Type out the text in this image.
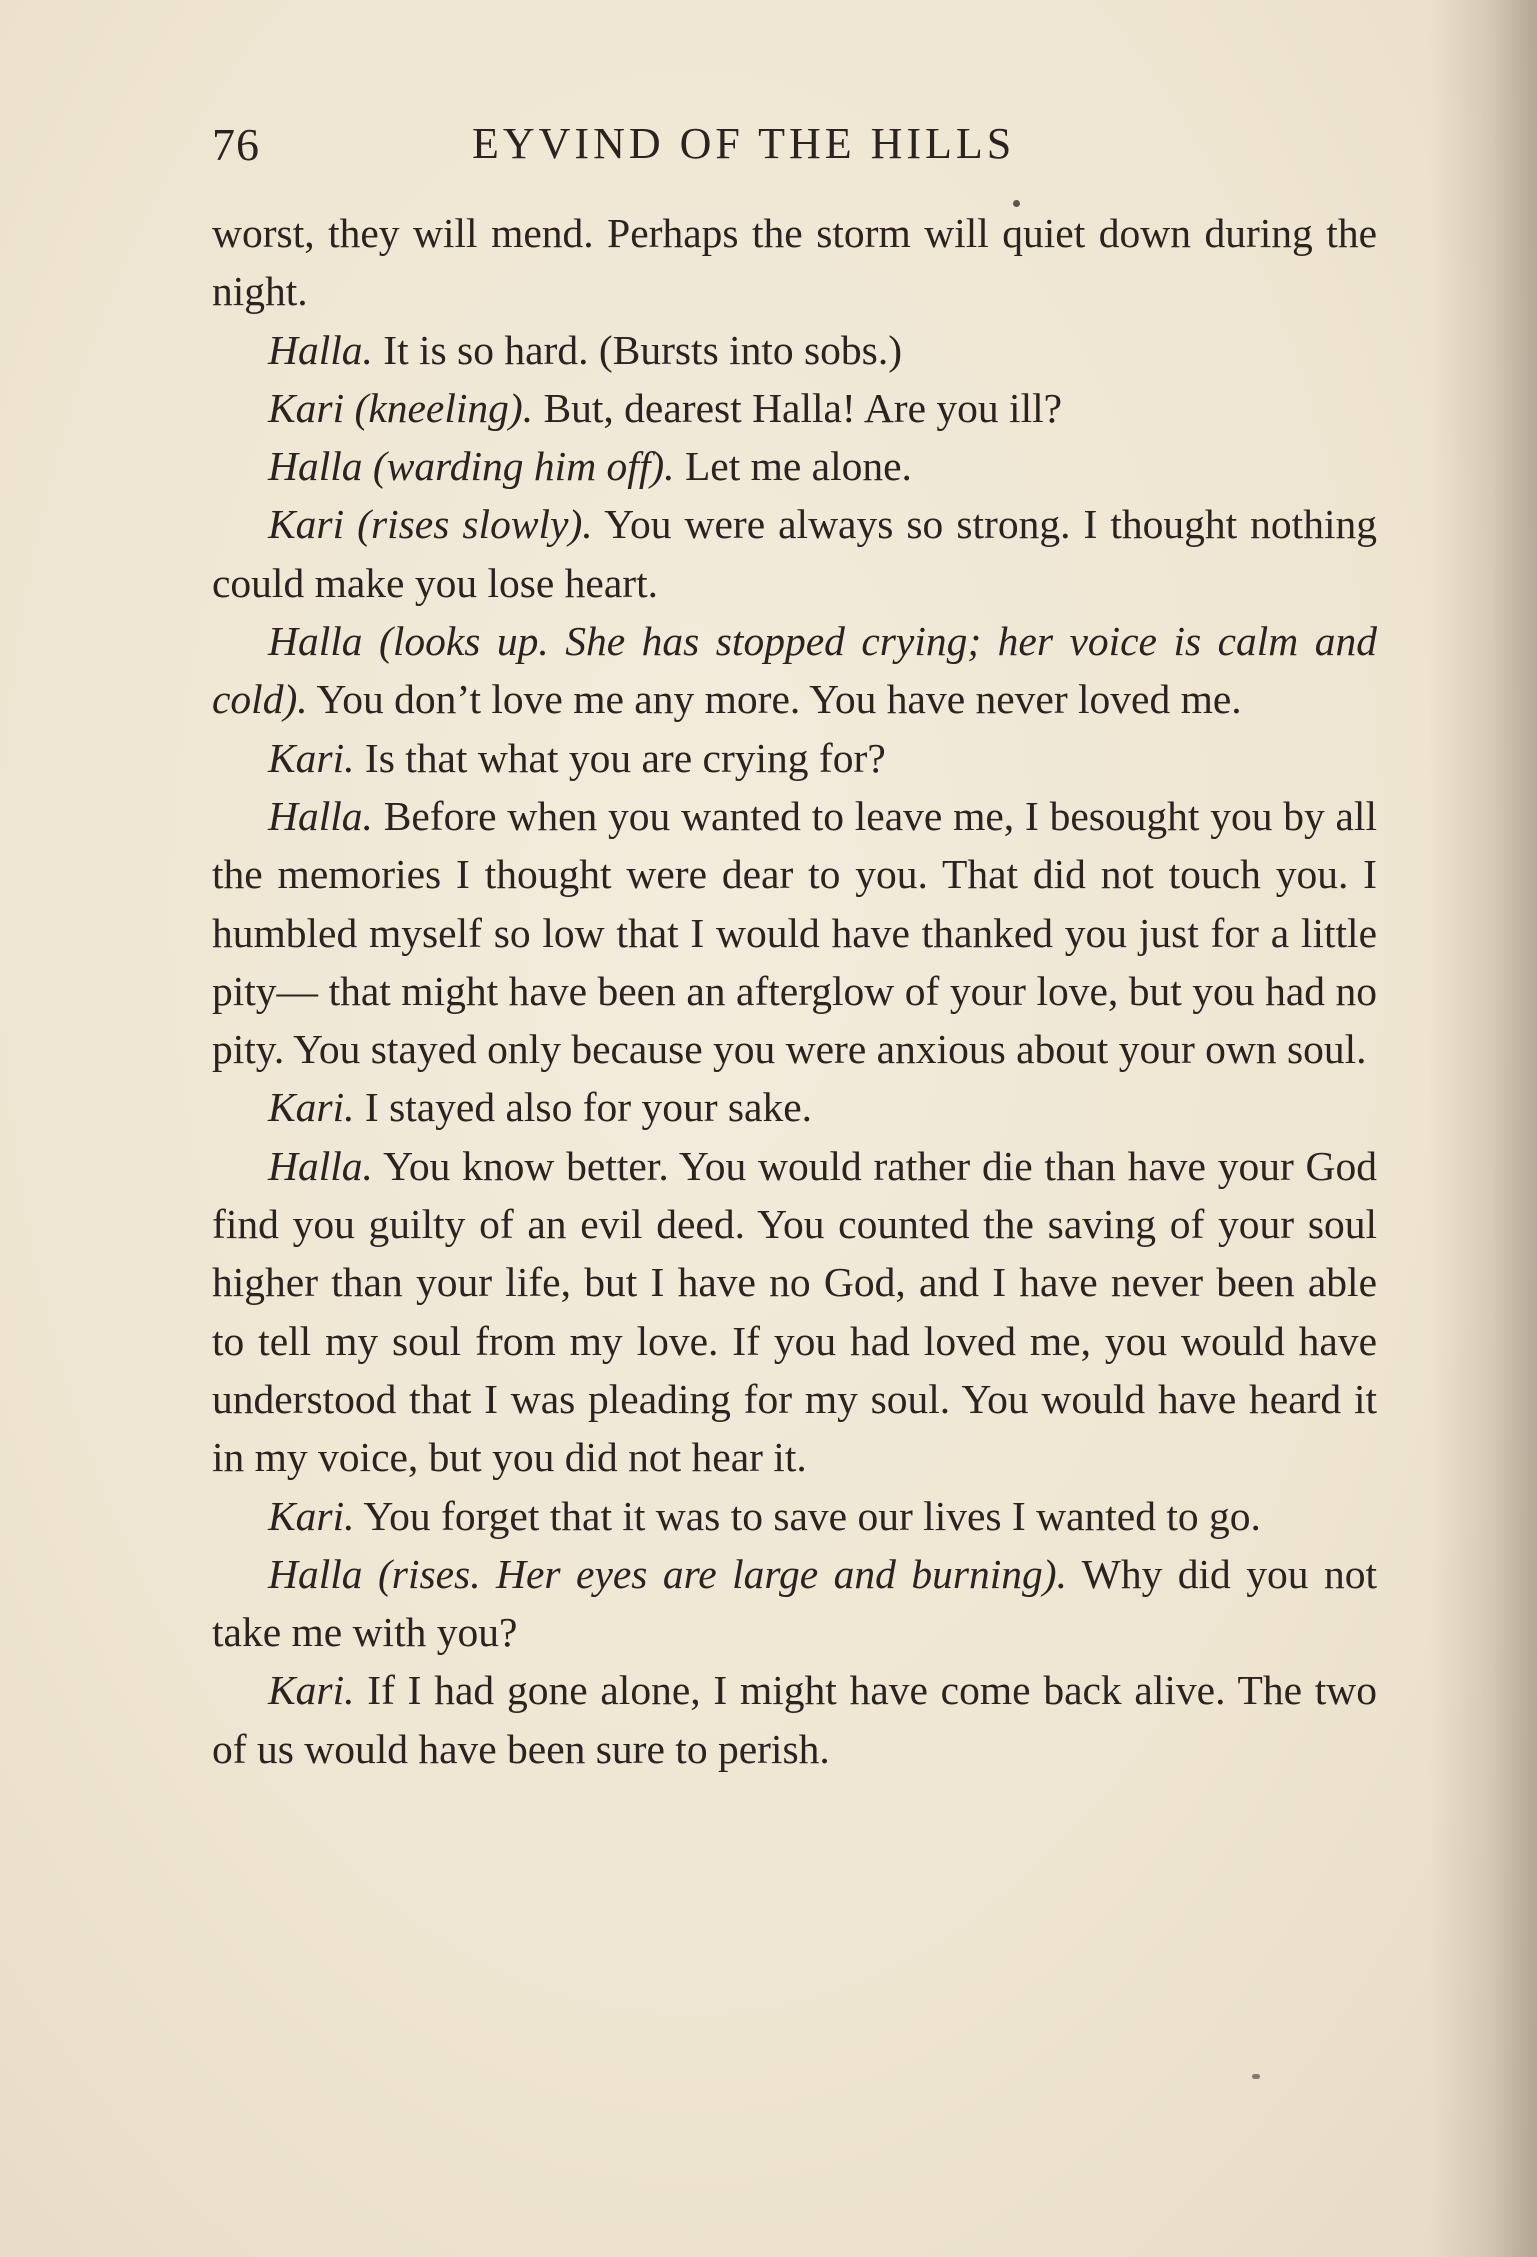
76	EYVIND OF THE HILLS

worst, they will mend. Perhaps the storm will quiet down during the night.

Halla. It is so hard. (Bursts into sobs.)

Kari (kneeling). But, dearest Halla! Are you ill?

Halla (warding him off). Let me alone.

Kari (rises slowly). You were always so strong. I thought nothing could make you lose heart.

Halla (looks up. She has stopped crying; her voice is calm and cold). You don’t love me any more. You have never loved me.

Kari. Is that what you are crying for?

Halla. Before when you wanted to leave me, I besought you by all the memories I thought were dear to you. That did not touch you. I humbled myself so low that I would have thanked you just for a little pity— that might have been an afterglow of your love, but you had no pity. You stayed only because you were anxious about your own soul.

Kari. I stayed also for your sake.

Halla. You know better. You would rather die than have your God find you guilty of an evil deed. You counted the saving of your soul higher than your life, but I have no God, and I have never been able to tell my soul from my love. If you had loved me, you would have understood that I was pleading for my soul. You would have heard it in my voice, but you did not hear it.

Kari. You forget that it was to save our lives I wanted to go.

Halla (rises. Her eyes are large and burning). Why did you not take me with you?

Kari. If I had gone alone, I might have come back alive. The two of us would have been sure to perish.
